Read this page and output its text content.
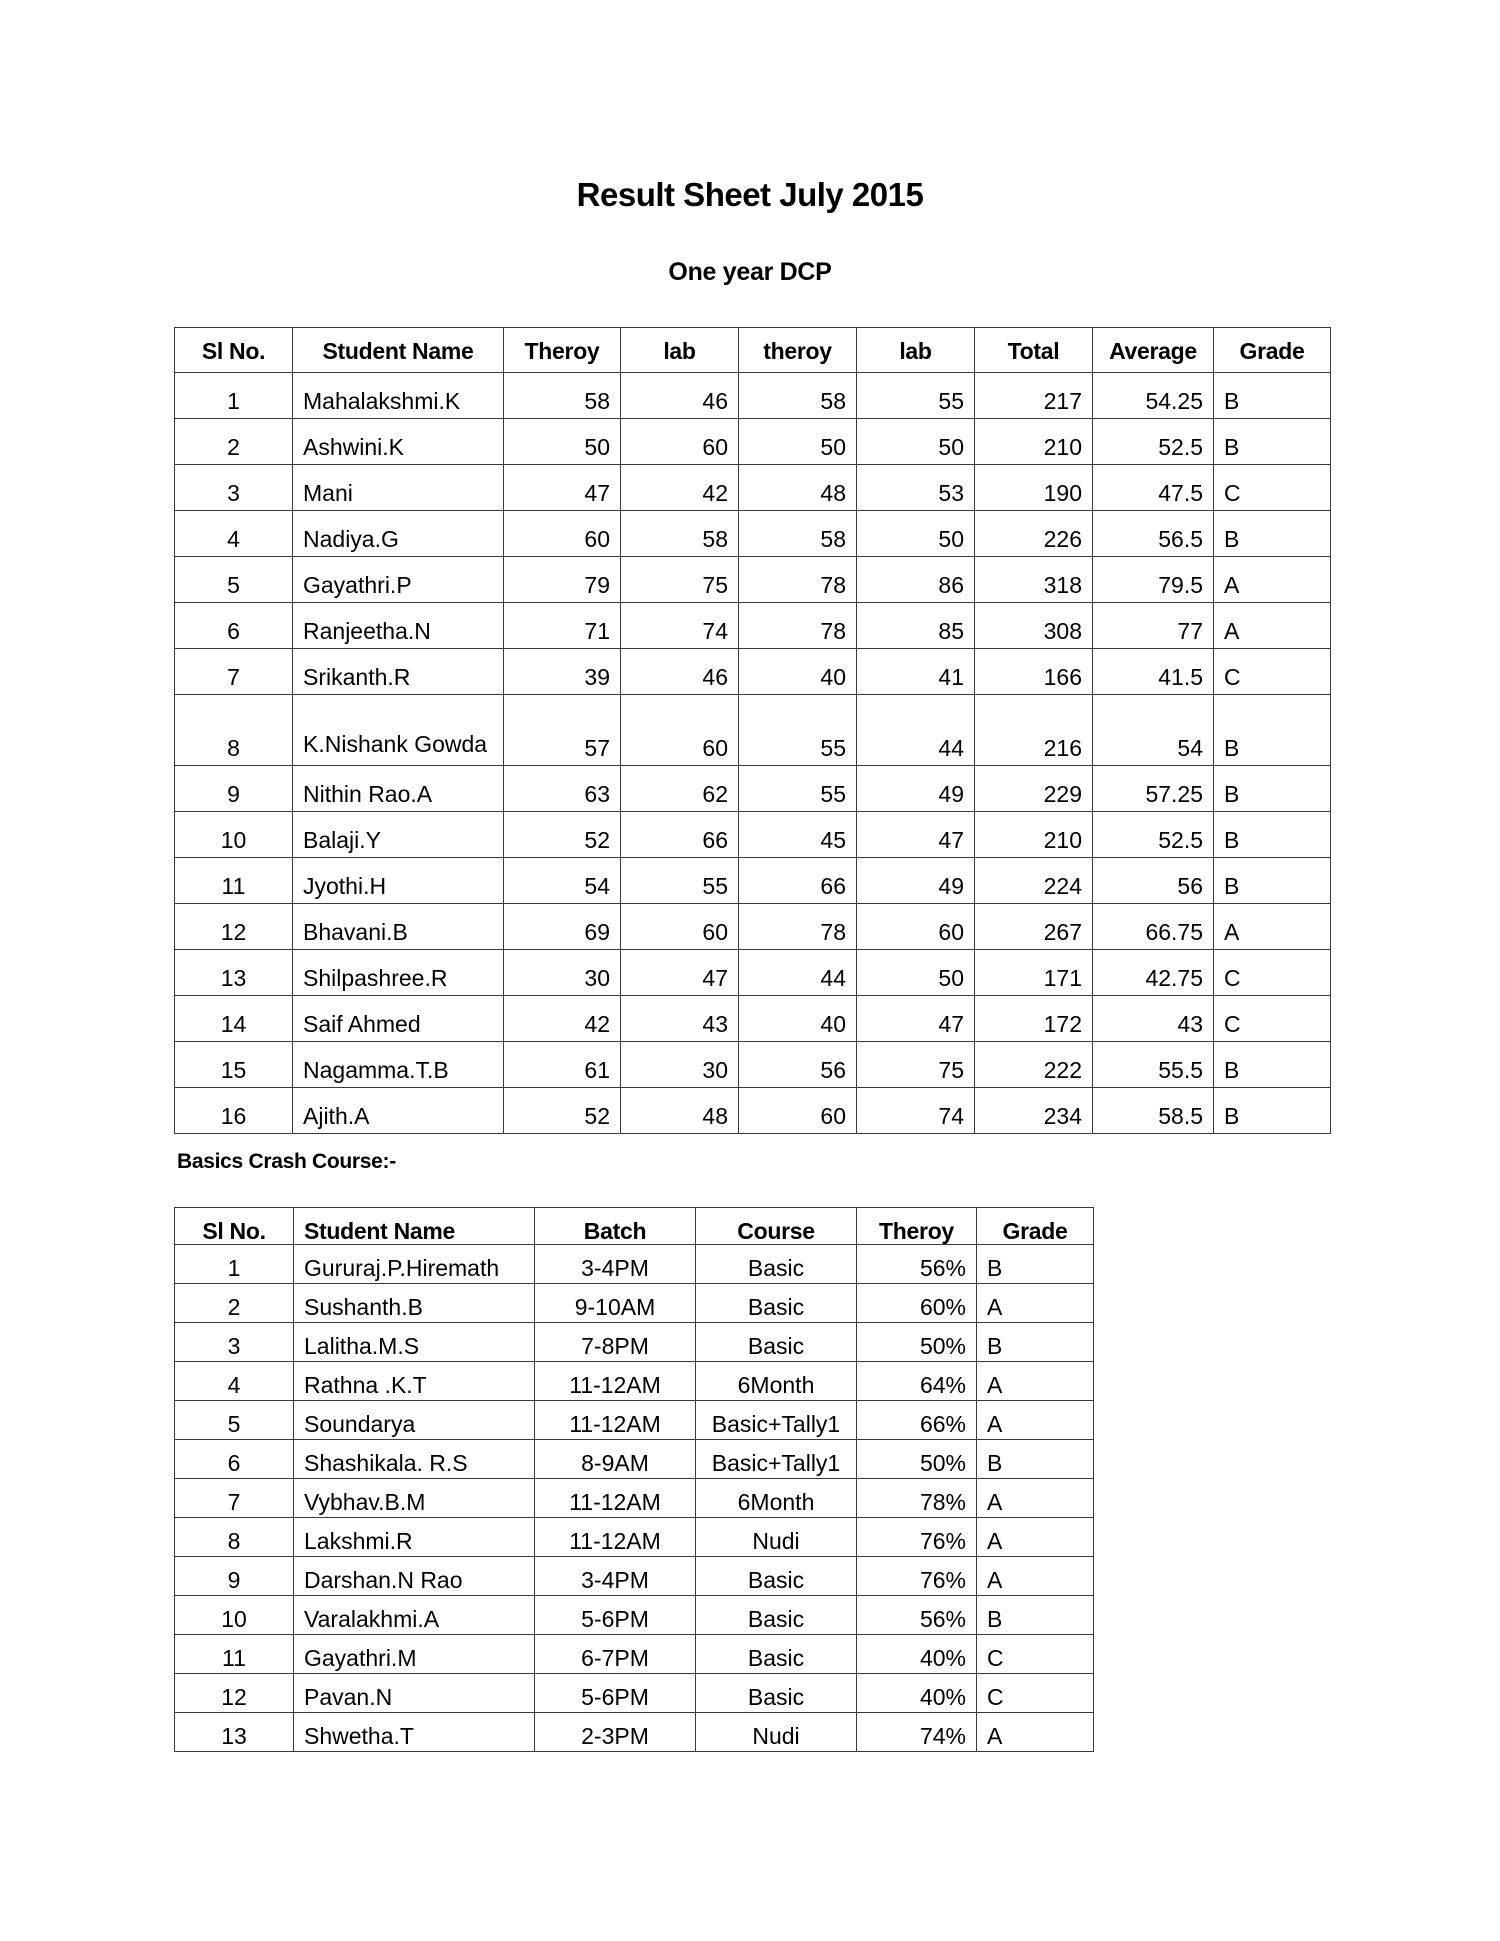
Result Sheet July 2015
One year DCP
Sl No.	Student Name	Theroy	lab	theroy	lab	Total	Average	Grade
1	Mahalakshmi.K	58	46	58	55	217	54.25	B
2	Ashwini.K	50	60	50	50	210	52.5	B
3	Mani	47	42	48	53	190	47.5	C
4	Nadiya.G	60	58	58	50	226	56.5	B
5	Gayathri.P	79	75	78	86	318	79.5	A
6	Ranjeetha.N	71	74	78	85	308	77	A
7	Srikanth.R	39	46	40	41	166	41.5	C
8	K.Nishank Gowda	57	60	55	44	216	54	B
9	Nithin Rao.A	63	62	55	49	229	57.25	B
10	Balaji.Y	52	66	45	47	210	52.5	B
11	Jyothi.H	54	55	66	49	224	56	B
12	Bhavani.B	69	60	78	60	267	66.75	A
13	Shilpashree.R	30	47	44	50	171	42.75	C
14	Saif Ahmed	42	43	40	47	172	43	C
15	Nagamma.T.B	61	30	56	75	222	55.5	B
16	Ajith.A	52	48	60	74	234	58.5	B
Basics Crash Course:-
Sl No.	Student Name	Batch	Course	Theroy	Grade
1	Gururaj.P.Hiremath	3-4PM	Basic	56%	B
2	Sushanth.B	9-10AM	Basic	60%	A
3	Lalitha.M.S	7-8PM	Basic	50%	B
4	Rathna .K.T	11-12AM	6Month	64%	A
5	Soundarya	11-12AM	Basic+Tally1	66%	A
6	Shashikala. R.S	8-9AM	Basic+Tally1	50%	B
7	Vybhav.B.M	11-12AM	6Month	78%	A
8	Lakshmi.R	11-12AM	Nudi	76%	A
9	Darshan.N Rao	3-4PM	Basic	76%	A
10	Varalakhmi.A	5-6PM	Basic	56%	B
11	Gayathri.M	6-7PM	Basic	40%	C
12	Pavan.N	5-6PM	Basic	40%	C
13	Shwetha.T	2-3PM	Nudi	74%	A
